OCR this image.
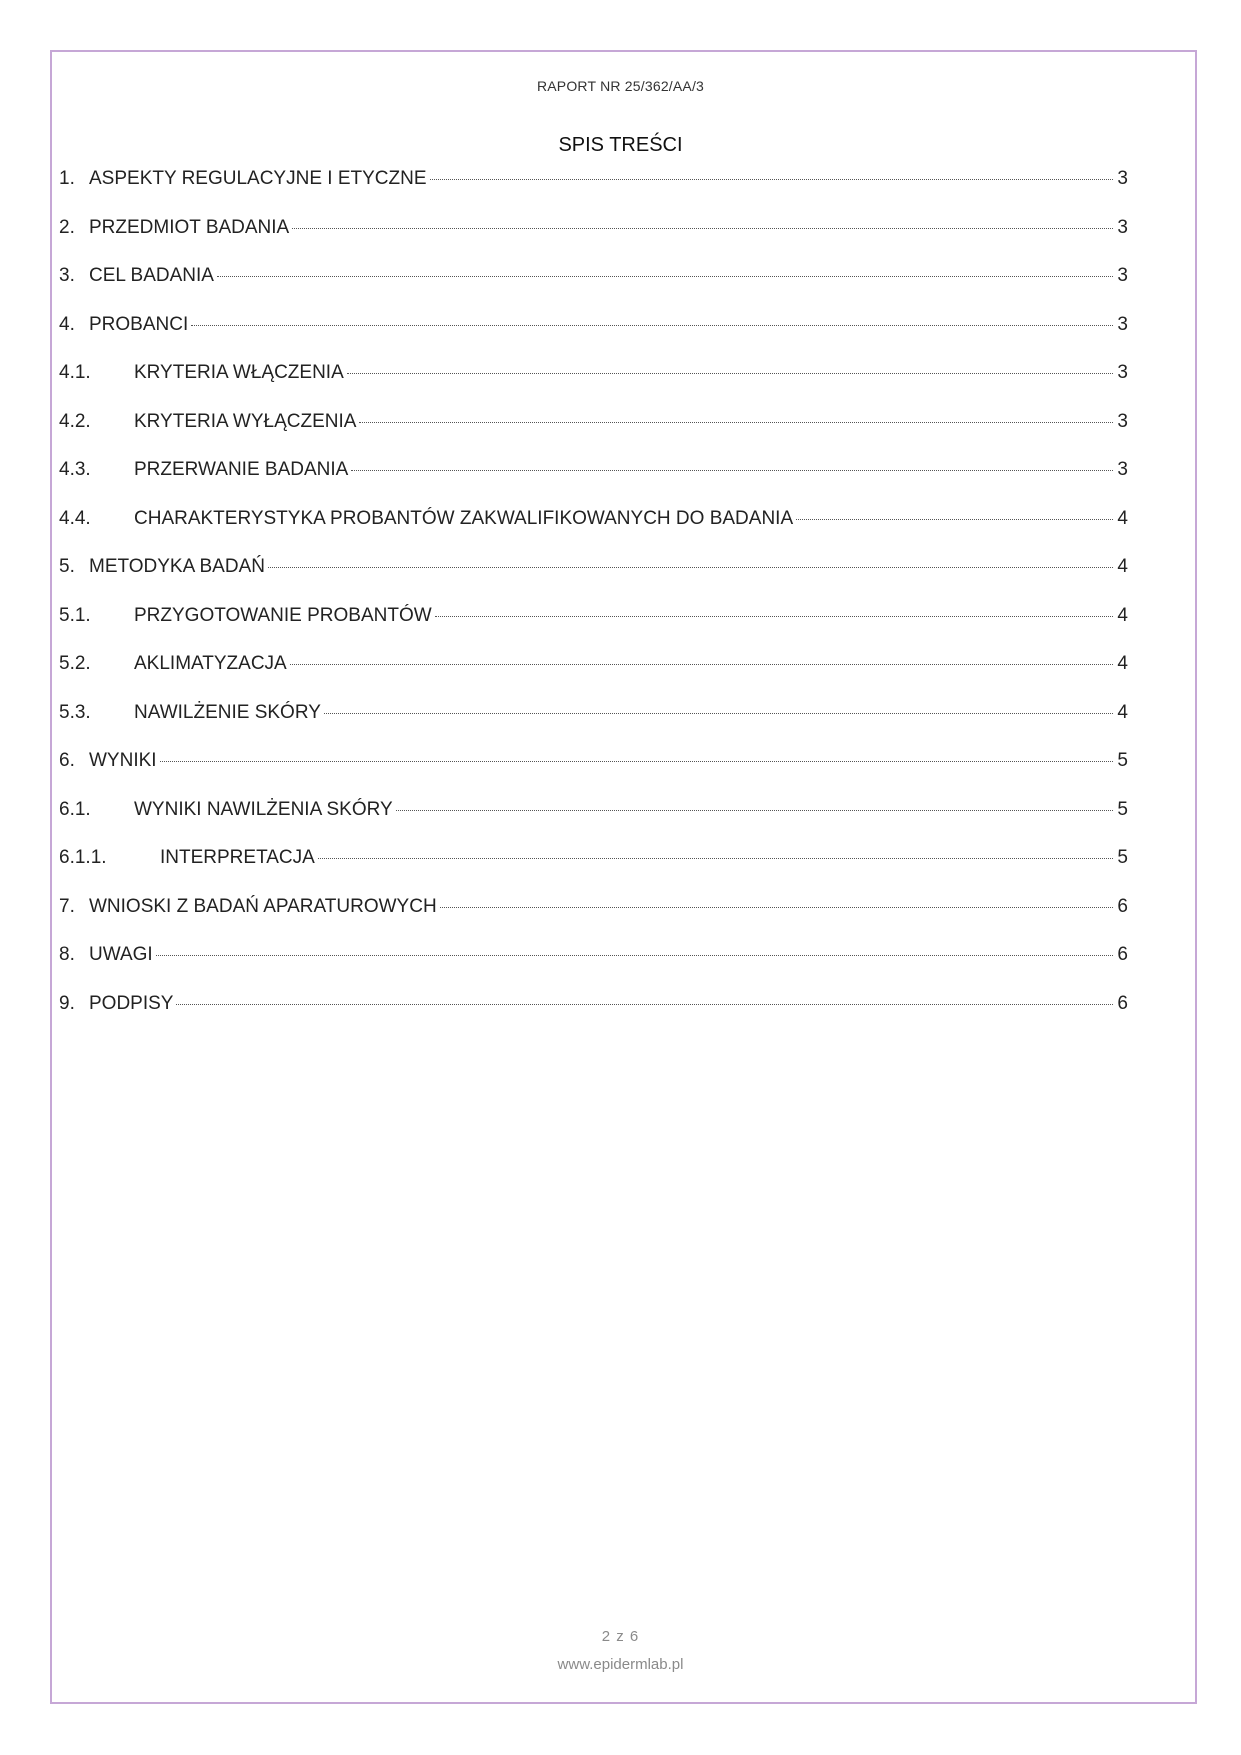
RAPORT NR 25/362/AA/3
SPIS TREŚCI
1. ASPEKTY REGULACYJNE I ETYCZNE	3
2. PRZEDMIOT BADANIA	3
3. CEL BADANIA	3
4. PROBANCI	3
4.1.	KRYTERIA WŁĄCZENIA	3
4.2.	KRYTERIA WYŁĄCZENIA	3
4.3.	PRZERWANIE BADANIA	3
4.4.	CHARAKTERYSTYKA PROBANTÓW ZAKWALIFIKOWANYCH DO BADANIA	4
5. METODYKA BADAŃ	4
5.1.	PRZYGOTOWANIE PROBANTÓW	4
5.2.	AKLIMATYZACJA	4
5.3.	NAWILŻENIE SKÓRY	4
6. WYNIKI	5
6.1.	WYNIKI NAWILŻENIA SKÓRY	5
6.1.1.	INTERPRETACJA	5
7. WNIOSKI Z BADAŃ APARATUROWYCH	6
8. UWAGI	6
9. PODPISY	6
2 z 6
www.epidermlab.pl
